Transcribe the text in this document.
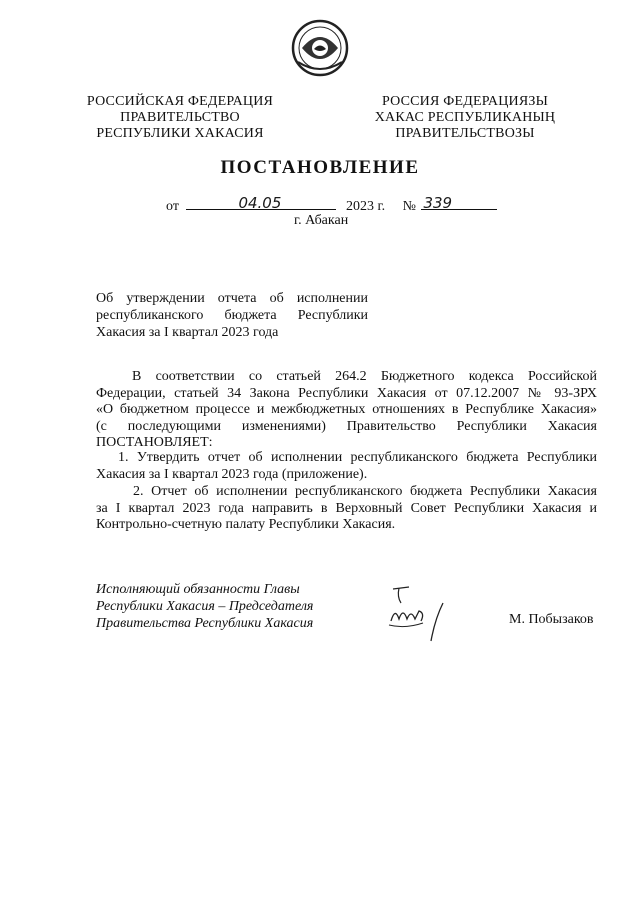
РОССИЙСКАЯ ФЕДЕРАЦИЯ
ПРАВИТЕЛЬСТВО
РЕСПУБЛИКИ ХАКАСИЯ
РОССИЯ ФЕДЕРАЦИЯЗЫ
ХАКАС РЕСПУБЛИКАНЫҢ
ПРАВИТЕЛЬСТВОЗЫ
ПОСТАНОВЛЕНИЕ
от	04.05	2023 г. № 339
г. Абакан
Об утверждении отчета об исполнении
республиканского бюджета Республики
Хакасия за I квартал 2023 года
В соответствии со статьей 264.2 Бюджетного кодекса Российской
Федерации, статьей 34 Закона Республики Хакасия от 07.12.2007 № 93-ЗРХ
«О бюджетном процессе и межбюджетных отношениях в Республике Хакасия»
(с последующими изменениями) Правительство Республики Хакасия
ПОСТАНОВЛЯЕТ:
1. Утвердить отчет об исполнении республиканского бюджета Республики
Хакасия за I квартал 2023 года (приложение).
2. Отчет об исполнении республиканского бюджета Республики Хакасия
за I квартал 2023 года направить в Верховный Совет Республики Хакасия и
Контрольно-счетную палату Республики Хакасия.
Исполняющий обязанности Главы
Республики Хакасия – Председателя
Правительства Республики Хакасия	М. Побызаков
